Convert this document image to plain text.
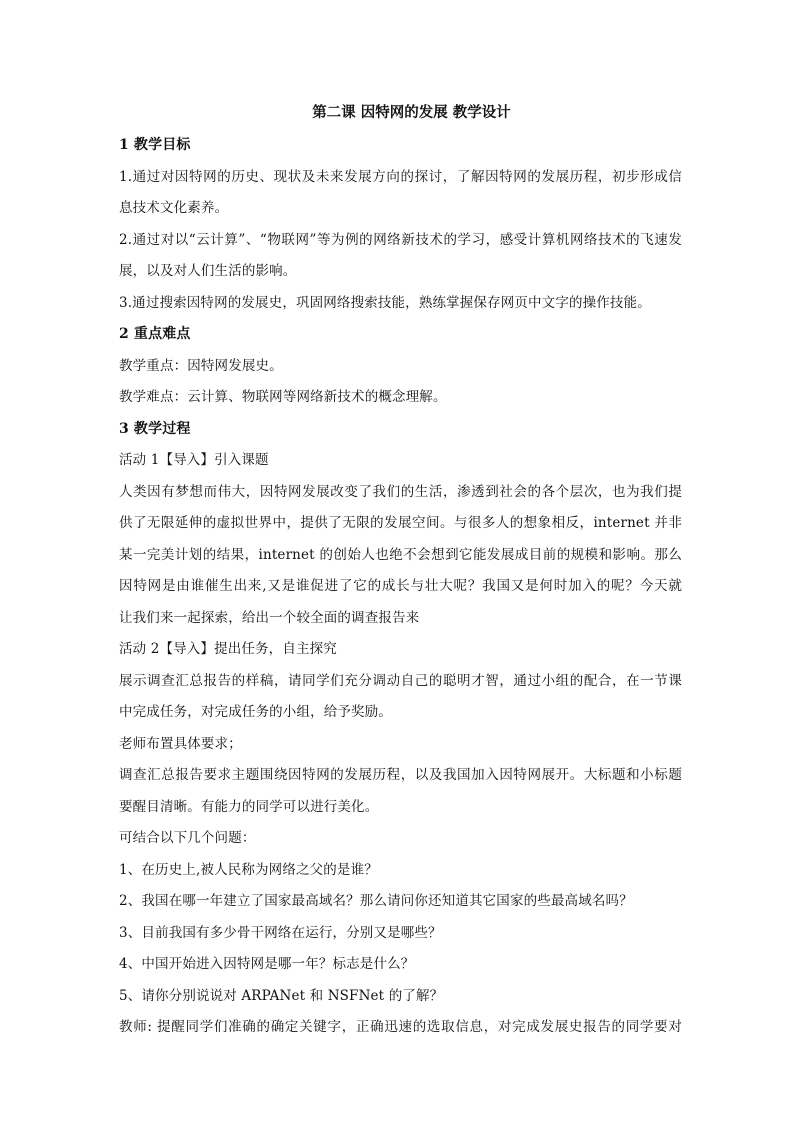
第二课 因特网的发展 教学设计
1 教学目标
1.通过对因特网的历史、现状及未来发展方向的探讨，了解因特网的发展历程，初步形成信
息技术文化素养。
2.通过对以“云计算”、“物联网”等为例的网络新技术的学习，感受计算机网络技术的飞速发
展，以及对人们生活的影响。
3.通过搜索因特网的发展史，巩固网络搜索技能，熟练掌握保存网页中文字的操作技能。
2 重点难点
教学重点：因特网发展史。
教学难点：云计算、物联网等网络新技术的概念理解。
3 教学过程
活动 1【导入】引入课题
人类因有梦想而伟大，因特网发展改变了我们的生活，渗透到社会的各个层次，也为我们提
供了无限延伸的虚拟世界中，提供了无限的发展空间。与很多人的想象相反，internet 并非
某一完美计划的结果，internet 的创始人也绝不会想到它能发展成目前的规模和影响。那么
因特网是由谁催生出来,又是谁促进了它的成长与壮大呢？我国又是何时加入的呢？今天就
让我们来一起探索，给出一个较全面的调查报告来
活动 2【导入】提出任务，自主探究
展示调查汇总报告的样稿，请同学们充分调动自己的聪明才智，通过小组的配合，在一节课
中完成任务，对完成任务的小组，给予奖励。
老师布置具体要求；
调查汇总报告要求主题围绕因特网的发展历程，以及我国加入因特网展开。大标题和小标题
要醒目清晰。有能力的同学可以进行美化。
可结合以下几个问题：
1、在历史上,被人民称为网络之父的是谁？
2、我国在哪一年建立了国家最高域名？那么请问你还知道其它国家的些最高域名吗？
3、目前我国有多少骨干网络在运行，分别又是哪些？
4、中国开始进入因特网是哪一年？标志是什么？
5、请你分别说说对 ARPANet 和 NSFNet 的了解？
教师: 提醒同学们准确的确定关键字，正确迅速的选取信息，对完成发展史报告的同学要对
